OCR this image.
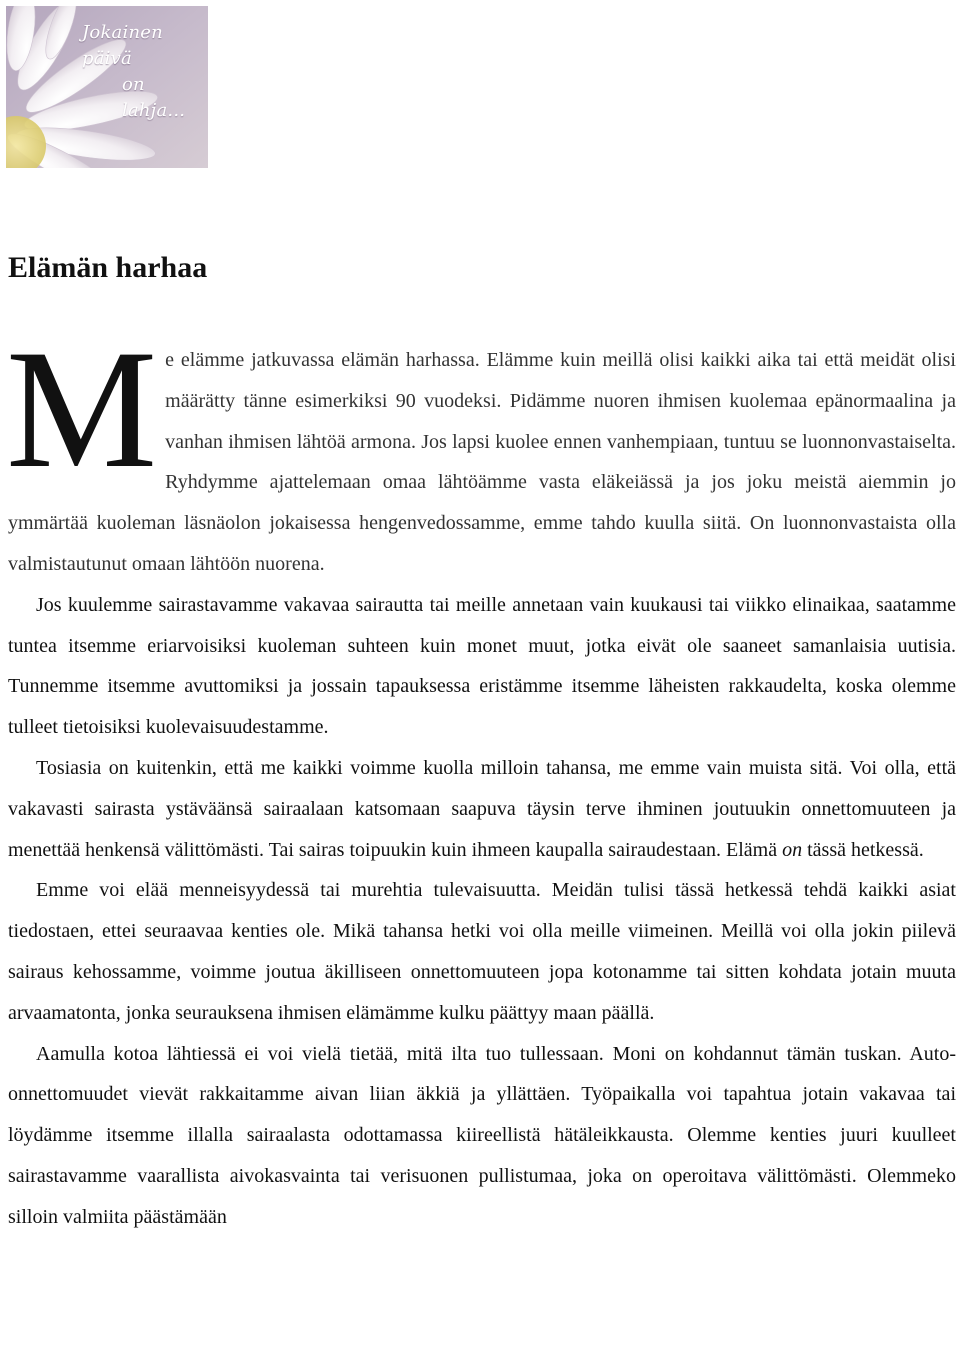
Jokainen päivä
on lahja...
Elämän harhaa

Me elämme jatkuvassa elämän harhassa. Elämme kuin meillä olisi kaikki aika tai että meidät olisi määrätty tänne esimerkiksi 90 vuodeksi. Pidämme nuoren ihmisen kuolemaa epänormaalina ja vanhan ihmisen lähtöä armona. Jos lapsi kuolee ennen vanhempiaan, tuntuu se luonnonvastaiselta. Ryhdymme ajattelemaan omaa lähtöämme vasta eläkeiässä ja jos joku meistä aiemmin jo ymmärtää kuoleman läsnäolon jokaisessa hengenvedossamme, emme tahdo kuulla siitä. On luonnonvastaista olla valmistautunut omaan lähtöön nuorena.

Jos kuulemme sairastavamme vakavaa sairautta tai meille annetaan vain kuukausi tai viikko elinaikaa, saatamme tuntea itsemme eriarvoisiksi kuoleman suhteen kuin monet muut, jotka eivät ole saaneet samanlaisia uutisia. Tunnemme itsemme avuttomiksi ja jossain tapauksessa eristämme itsemme läheisten rakkaudelta, koska olemme tulleet tietoisiksi kuolevaisuudestamme.

Tosiasia on kuitenkin, että me kaikki voimme kuolla milloin tahansa, me emme vain muista sitä. Voi olla, että vakavasti sairasta ystäväänsä sairaalaan katsomaan saapuva täysin terve ihminen joutuukin onnettomuuteen ja menettää henkensä välittömästi. Tai sairas toipuukin kuin ihmeen kaupalla sairaudestaan. Elämä on tässä hetkessä.

Emme voi elää menneisyydessä tai murehtia tulevaisuutta. Meidän tulisi tässä hetkessä tehdä kaikki asiat tiedostaen, ettei seuraavaa kenties ole. Mikä tahansa hetki voi olla meille viimeinen. Meillä voi olla jokin piilevä sairaus kehossamme, voimme joutua äkilliseen onnettomuuteen jopa kotonamme tai sitten kohdata jotain muuta arvaamatonta, jonka seurauksena ihmisen elämämme kulku päättyy maan päällä.

Aamulla kotoa lähtiessä ei voi vielä tietää, mitä ilta tuo tullessaan. Moni on kohdannut tämän tuskan. Auto-onnettomuudet vievät rakkaitamme aivan liian äkkiä ja yllättäen. Työpaikalla voi tapahtua jotain vakavaa tai löydämme itsemme illalla sairaalasta odottamassa kiireellistä hätäleikkausta. Olemme kenties juuri kuulleet sairastavamme vaarallista aivokasvainta tai verisuonen pullistumaa, joka on operoitava välittömästi. Olemmeko silloin valmiita päästämään
